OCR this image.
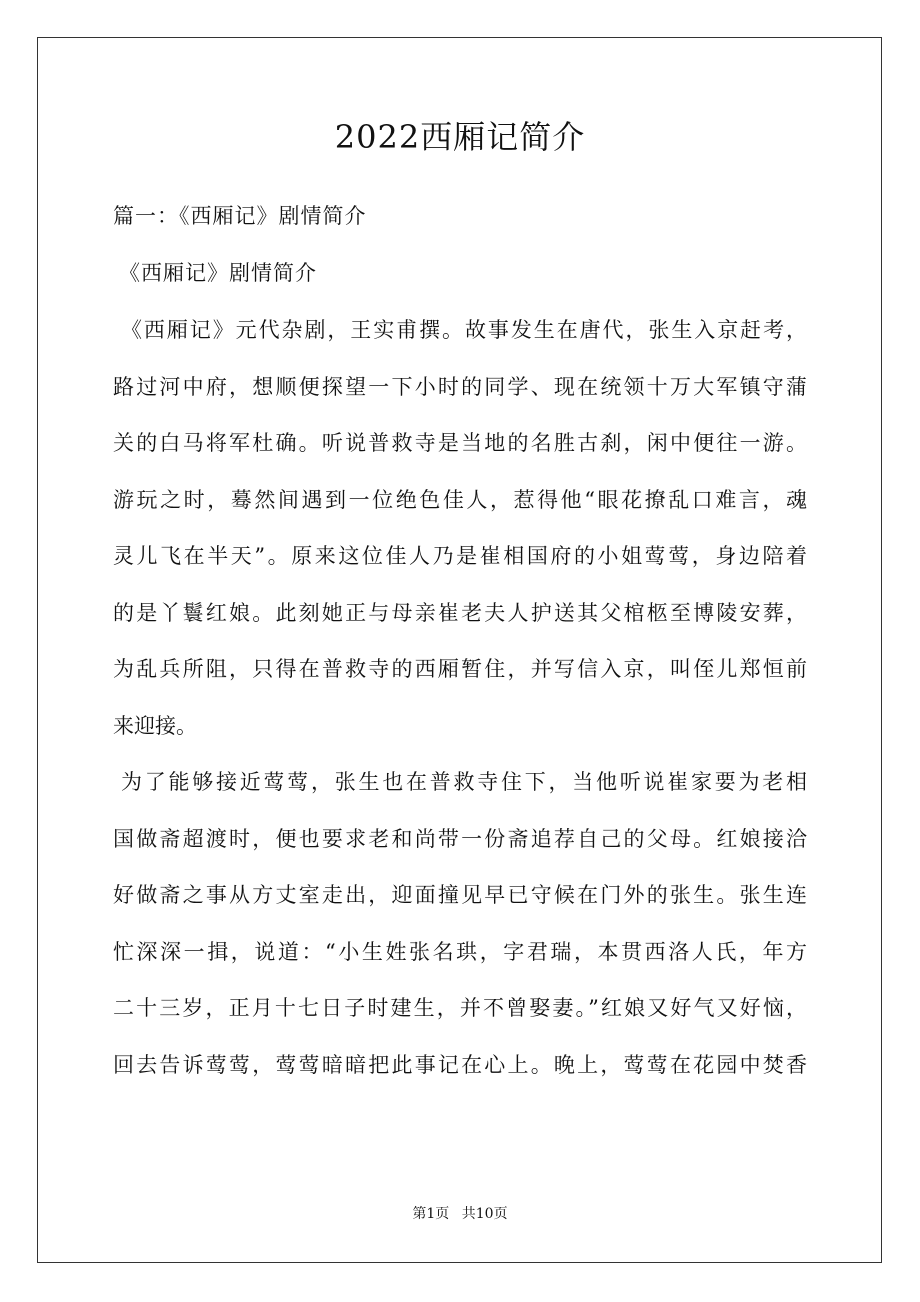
2022西厢记简介
篇一：《西厢记》剧情简介

《西厢记》剧情简介

《西厢记》元代杂剧，王实甫撰。故事发生在唐代，张生入京赶考，

路过河中府，想顺便探望一下小时的同学、现在统领十万大军镇守蒲

关的白马将军杜确。听说普救寺是当地的名胜古刹，闲中便往一游。

游玩之时，蓦然间遇到一位绝色佳人，惹得他“眼花撩乱口难言，魂

灵儿飞在半天”。原来这位佳人乃是崔相国府的小姐莺莺，身边陪着

的是丫鬟红娘。此刻她正与母亲崔老夫人护送其父棺柩至博陵安葬，

为乱兵所阻，只得在普救寺的西厢暂住，并写信入京，叫侄儿郑恒前

来迎接。

为了能够接近莺莺，张生也在普救寺住下，当他听说崔家要为老相

国做斋超渡时，便也要求老和尚带一份斋追荐自己的父母。红娘接洽

好做斋之事从方丈室走出，迎面撞见早已守候在门外的张生。张生连

忙深深一揖，说道：“小生姓张名珙，字君瑞，本贯西洛人氏，年方

二十三岁，正月十七日子时建生，并不曾娶妻。”红娘又好气又好恼，

回去告诉莺莺，莺莺暗暗把此事记在心上。晚上，莺莺在花园中焚香

第1页 共10页
